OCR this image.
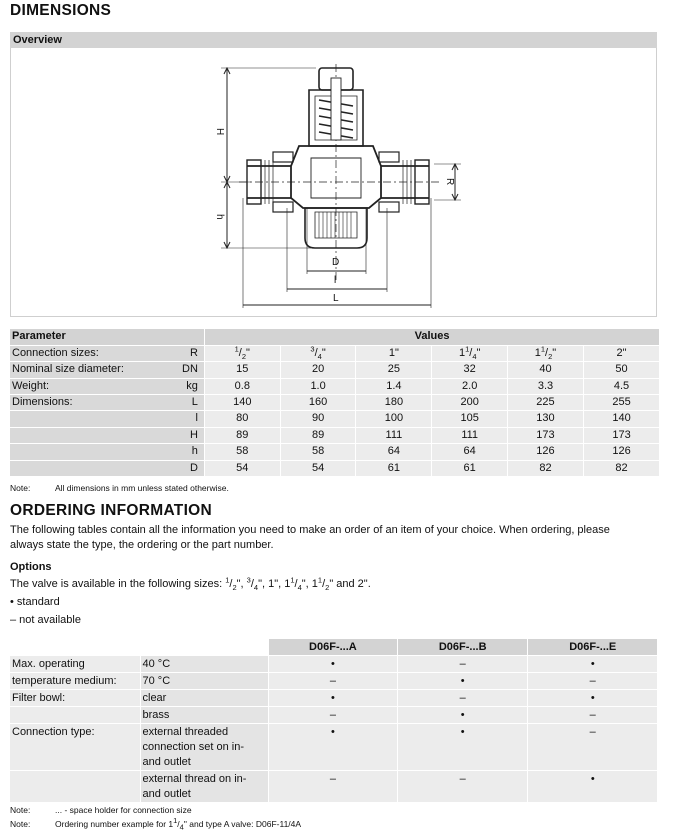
DIMENSIONS
Overview
H
h
R
D
l
L
Parameter		Values					
Connection sizes:	R	$^1/_2$"	$^3/_4$"	1"	$1^1/_4$"	$1^1/_2$"	2"
Nominal size diameter:	DN	15	20	25	32	40	50
Weight:	kg	0.8	1.0	1.4	2.0	3.3	4.5
Dimensions:	L	140	160	180	200	225	255
	l	80	90	100	105	130	140
	H	89	89	111	111	173	173
	h	58	58	64	64	126	126
	D	54	54	61	61	82	82
Note:	All dimensions in mm unless stated otherwise.
ORDERING INFORMATION
The following tables contain all the information you need to make an order of an item of your choice. When ordering, please
always state the type, the ordering or the part number.
Options
The valve is available in the following sizes: $^1/_2$", $^3/_4$", 1", $1^1/_4$", $1^1/_2$" and 2".
• standard
– not available
		D06F-...A	D06F-...B	D06F-...E
Max. operating	40 °C	•	–	•
temperature medium:	70 °C	–	•	–
Filter bowl:	clear	•	–	•
	brass	–	•	–
Connection type:	external threaded
connection set on in-
and outlet	•	•	–

	external thread on in-
and outlet	–	–	•
Note:	... - space holder for connection size
Note:	Ordering number example for $1^1/_4$" and type A valve: D06F-11/4A
